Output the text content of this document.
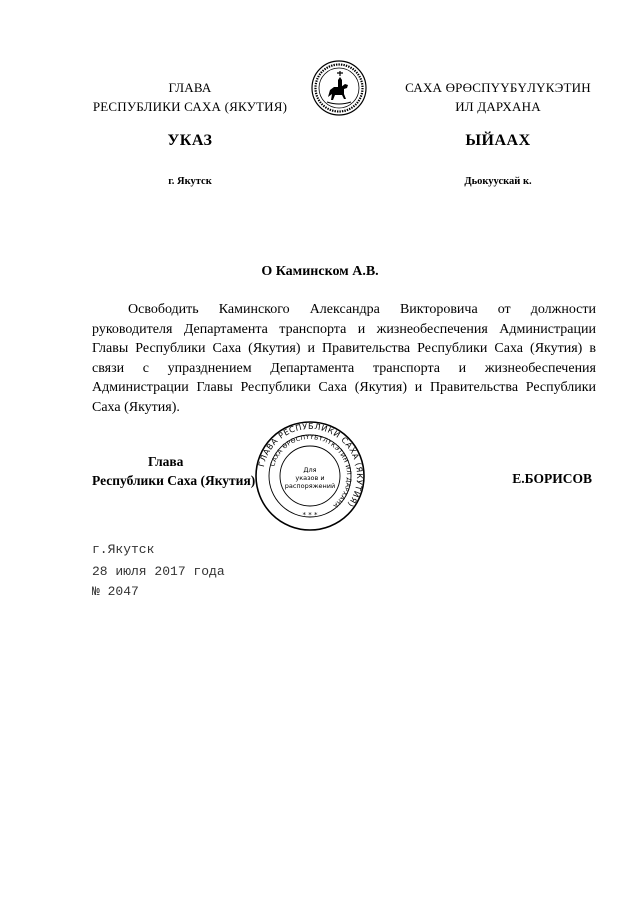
ГЛАВА
РЕСПУБЛИКИ САХА (ЯКУТИЯ)
САХА ӨРӨСПҮҮБҮЛҮКЭТИН
ИЛ ДАРХАНА
УКАЗ	ЫЙААХ
г. Якутск	Дьокуускай к.
О Каминском А.В.

Освободить Каминского Александра Викторовича от должности руководителя Департамента транспорта и жизнеобеспечения Администрации Главы Республики Саха (Якутия) и Правительства Республики Саха (Якутия) в связи с упразднением Департамента транспорта и жизнеобеспечения Администрации Главы Республики Саха (Якутия) и Правительства Республики Саха (Якутия).

ГЛАВА РЕСПУБЛИКИ САХА (ЯКУТИЯ)
САХА ӨРӨСПҮҮБҮЛҮКЭТИН ИЛ ДАРХАНА
Для
указов и
распоряжений
* * *
Глава
Республики Саха (Якутия)	Е.БОРИСОВ
г.Якутск
28 июля 2017 года
№ 2047
